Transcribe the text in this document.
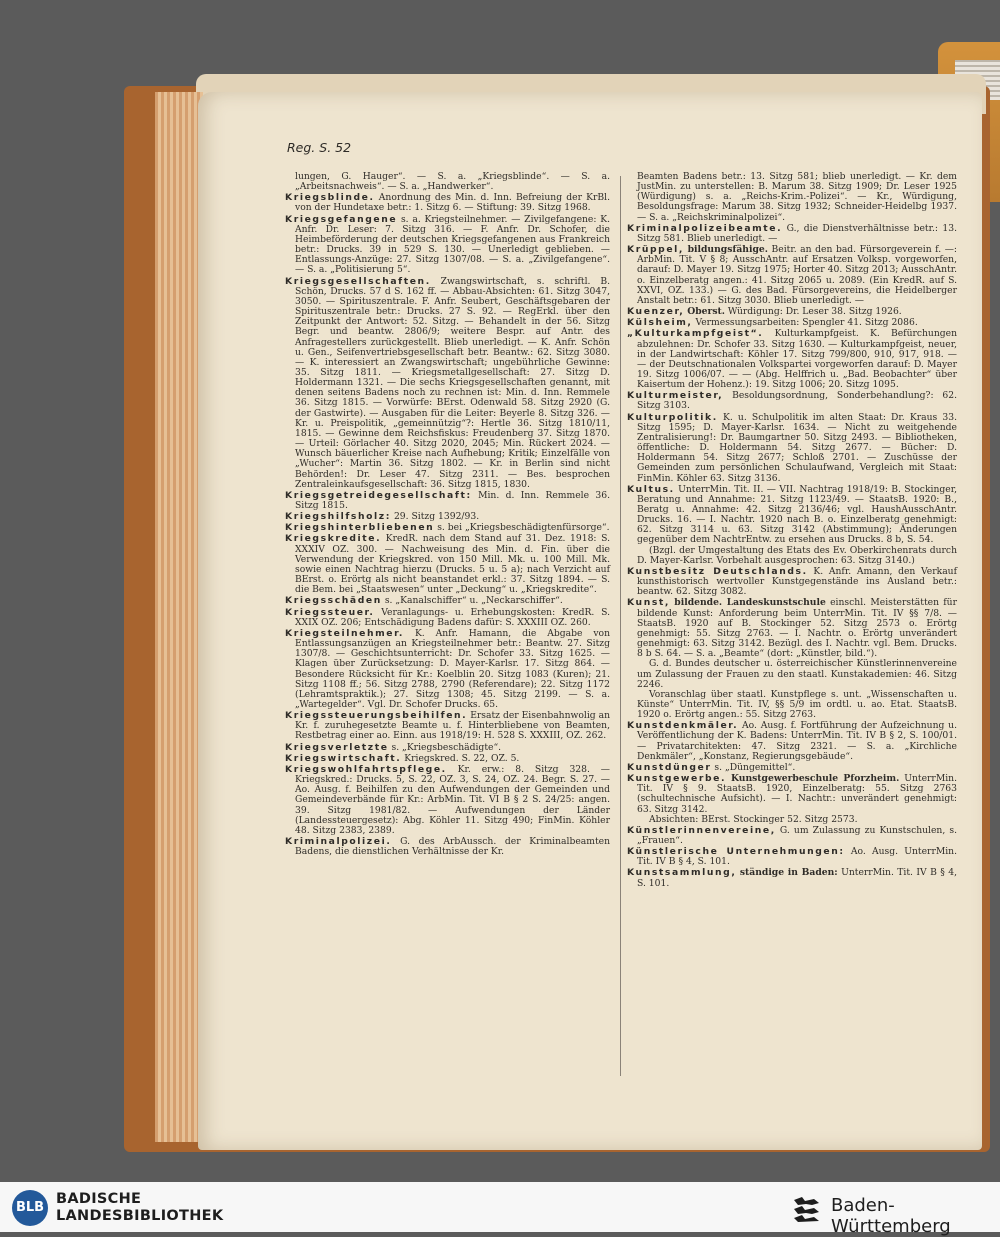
Reg. S. 52
lungen, G. Hauger“. — S. a. „Kriegsblinde“. — S. a. „Arbeitsnachweis“. — S. a. „Handwerker“.
Kriegsblinde. Anordnung des Min. d. Inn. Befreiung der KrBl. von der Hundetaxe betr.: 1. Sitzg 6. — Stiftung: 39. Sitzg 1968.
Kriegsgefangene s. a. Kriegsteilnehmer. — Zivilgefangene: K. Anfr. Dr. Leser: 7. Sitzg 316. — F. Anfr. Dr. Schofer, die Heimbeförderung der deutschen Kriegsgefangenen aus Frankreich betr.: Drucks. 39 in 529 S. 130. — Unerledigt geblieben. — Entlassungs-Anzüge: 27. Sitzg 1307/08. — S. a. „Zivilgefangene“. — S. a. „Politisierung 5“.
Kriegsgesellschaften. Zwangswirtschaft, s. schriftl. B. Schön, Drucks. 57 d S. 162 ff. — Abbau-Absichten: 61. Sitzg 3047, 3050. — Spirituszentrale. F. Anfr. Seubert, Geschäftsgebaren der Spirituszentrale betr.: Drucks. 27 S. 92. — RegErkl. über den Zeitpunkt der Antwort: 52. Sitzg. — Behandelt in der 56. Sitzg Begr. und beantw. 2806/9; weitere Bespr. auf Antr. des Anfragestellers zurückgestellt. Blieb unerledigt. — K. Anfr. Schön u. Gen., Seifenvertriebsgesellschaft betr. Beantw.: 62. Sitzg 3080. — K. interessiert an Zwangswirtschaft; ungebührliche Gewinne: 35. Sitzg 1811. — Kriegsmetallgesellschaft: 27. Sitzg D. Holdermann 1321. — Die sechs Kriegsgesellschaften genannt, mit denen seitens Badens noch zu rechnen ist: Min. d. Inn. Remmele 36. Sitzg 1815. — Vorwürfe: BErst. Odenwald 58. Sitzg 2920 (G. der Gastwirte). — Ausgaben für die Leiter: Beyerle 8. Sitzg 326. — Kr. u. Preispolitik, „gemeinnützig“?: Hertle 36. Sitzg 1810/11, 1815. — Gewinne dem Reichsfiskus: Freudenberg 37. Sitzg 1870. — Urteil: Görlacher 40. Sitzg 2020, 2045; Min. Rückert 2024. — Wunsch bäuerlicher Kreise nach Aufhebung; Kritik; Einzelfälle von „Wucher“: Martin 36. Sitzg 1802. — Kr. in Berlin sind nicht Behörden!: Dr. Leser 47. Sitzg 2311. — Bes. besprochen Zentraleinkaufsgesellschaft: 36. Sitzg 1815, 1830.
Kriegsgetreidegesellschaft: Min. d. Inn. Remmele 36. Sitzg 1815.
Kriegshilfsholz: 29. Sitzg 1392/93.
Kriegshinterbliebenen s. bei „Kriegsbeschädigtenfürsorge“.
Kriegskredite. KredR. nach dem Stand auf 31. Dez. 1918: S. XXXIV OZ. 300. — Nachweisung des Min. d. Fin. über die Verwendung der Kriegskred. von 150 Mill. Mk. u. 100 Mill. Mk. sowie einen Nachtrag hierzu (Drucks. 5 u. 5 a); nach Verzicht auf BErst. o. Erörtg als nicht beanstandet erkl.: 37. Sitzg 1894. — S. die Bem. bei „Staatswesen“ unter „Deckung“ u. „Kriegskredite“.
Kriegsschäden s. „Kanalschiffer“ u. „Neckarschiffer“.
Kriegssteuer. Veranlagungs- u. Erhebungskosten: KredR. S. XXIX OZ. 206; Entschädigung Badens dafür: S. XXXIII OZ. 260.
Kriegsteilnehmer. K. Anfr. Hamann, die Abgabe von Entlassungsanzügen an Kriegsteilnehmer betr.: Beantw. 27. Sitzg 1307/8. — Geschichtsunterricht: Dr. Schofer 33. Sitzg 1625. — Klagen über Zurücksetzung: D. Mayer-Karlsr. 17. Sitzg 864. — Besondere Rücksicht für Kr.: Koelblin 20. Sitzg 1083 (Kuren); 21. Sitzg 1108 ff.; 56. Sitzg 2788, 2790 (Referendare); 22. Sitzg 1172 (Lehramtspraktik.); 27. Sitzg 1308; 45. Sitzg 2199. — S. a. „Wartegelder“. Vgl. Dr. Schofer Drucks. 65.
Kriegssteuerungsbeihilfen. Ersatz der Eisenbahnwolig an Kr. f. zuruhegesetzte Beamte u. f. Hinterbliebene von Beamten, Restbetrag einer ao. Einn. aus 1918/19: H. 528 S. XXXIII, OZ. 262.
Kriegsverletzte s. „Kriegsbeschädigte“.
Kriegswirtschaft. Kriegskred. S. 22, OZ. 5.
Kriegswohlfahrtspflege. Kr. erw.: 8. Sitzg 328. — Kriegskred.: Drucks. 5, S. 22, OZ. 3, S. 24, OZ. 24. Begr. S. 27. — Ao. Ausg. f. Beihilfen zu den Aufwendungen der Gemeinden und Gemeindeverbände für Kr.: ArbMin. Tit. VI B § 2 S. 24/25: angen. 39. Sitzg 1981/82. — Aufwendungen der Länder (Landessteuergesetz): Abg. Köhler 11. Sitzg 490; FinMin. Köhler 48. Sitzg 2383, 2389.
Kriminalpolizei. G. des ArbAussch. der Kriminalbeamten Badens, die dienstlichen Verhältnisse der Kr.
Beamten Badens betr.: 13. Sitzg 581; blieb unerledigt. — Kr. dem JustMin. zu unterstellen: B. Marum 38. Sitzg 1909; Dr. Leser 1925 (Würdigung) s. a. „Reichs-Krim.-Polizei“. — Kr., Würdigung, Besoldungsfrage: Marum 38. Sitzg 1932; Schneider-Heidelbg 1937. — S. a. „Reichskriminalpolizei“.
Kriminalpolizeibeamte. G., die Dienstverhältnisse betr.: 13. Sitzg 581. Blieb unerledigt. —
Krüppel, bildungsfähige. Beitr. an den bad. Fürsorgeverein f. —: ArbMin. Tit. V § 8; AusschAntr. auf Ersatzen Volksp. vorgeworfen, darauf: D. Mayer 19. Sitzg 1975; Horter 40. Sitzg 2013; AusschAntr. o. Einzelberatg angen.: 41. Sitzg 2065 u. 2089. (Ein KredR. auf S. XXVI, OZ. 133.) — G. des Bad. Fürsorgevereins, die Heidelberger Anstalt betr.: 61. Sitzg 3030. Blieb unerledigt. —
Kuenzer, Oberst. Würdigung: Dr. Leser 38. Sitzg 1926.
Külsheim, Vermessungsarbeiten: Spengler 41. Sitzg 2086.
„Kulturkampfgeist“. Kulturkampfgeist. K. Befürchungen abzulehnen: Dr. Schofer 33. Sitzg 1630. — Kulturkampfgeist, neuer, in der Landwirtschaft: Köhler 17. Sitzg 799/800, 910, 917, 918. — — der Deutschnationalen Volkspartei vorgeworfen darauf: D. Mayer 19. Sitzg 1006/07. — — (Abg. Helffrich u. „Bad. Beobachter“ über Kaisertum der Hohenz.): 19. Sitzg 1006; 20. Sitzg 1095.
Kulturmeister, Besoldungsordnung, Sonderbehandlung?: 62. Sitzg 3103.
Kulturpolitik. K. u. Schulpolitik im alten Staat: Dr. Kraus 33. Sitzg 1595; D. Mayer-Karlsr. 1634. — Nicht zu weitgehende Zentralisierung!: Dr. Baumgartner 50. Sitzg 2493. — Bibliotheken, öffentliche: D. Holdermann 54. Sitzg 2677. — Bücher: D. Holdermann 54. Sitzg 2677; Schloß 2701. — Zuschüsse der Gemeinden zum persönlichen Schulaufwand, Vergleich mit Staat: FinMin. Köhler 63. Sitzg 3136.
Kultus. UnterrMin. Tit. II. — VII. Nachtrag 1918/19: B. Stockinger, Beratung und Annahme: 21. Sitzg 1123/49. — StaatsB. 1920: B., Beratg u. Annahme: 42. Sitzg 2136/46; vgl. HaushAusschAntr. Drucks. 16. — I. Nachtr. 1920 nach B. o. Einzelberatg genehmigt: 62. Sitzg 3114 u. 63. Sitzg 3142 (Abstimmung); Änderungen gegenüber dem NachtrEntw. zu ersehen aus Drucks. 8 b, S. 54.
(Bzgl. der Umgestaltung des Etats des Ev. Oberkirchenrats durch D. Mayer-Karlsr. Vorbehalt ausgesprochen: 63. Sitzg 3140.)
Kunstbesitz Deutschlands. K. Anfr. Amann, den Verkauf kunsthistorisch wertvoller Kunstgegenstände ins Ausland betr.: beantw. 62. Sitzg 3082.
Kunst, bildende. Landeskunstschule einschl. Meisterstätten für bildende Kunst: Anforderung beim UnterrMin. Tit. IV §§ 7/8. — StaatsB. 1920 auf B. Stockinger 52. Sitzg 2573 o. Erörtg genehmigt: 55. Sitzg 2763. — I. Nachtr. o. Erörtg unverändert genehmigt: 63. Sitzg 3142. Bezügl. des I. Nachtr. vgl. Bem. Drucks. 8 b S. 64. — S. a. „Beamte“ (dort: „Künstler, bild.“).
G. d. Bundes deutscher u. österreichischer Künstlerinnenvereine um Zulassung der Frauen zu den staatl. Kunstakademien: 46. Sitzg 2246.
Voranschlag über staatl. Kunstpflege s. unt. „Wissenschaften u. Künste“ UnterrMin. Tit. IV, §§ 5/9 im ordtl. u. ao. Etat. StaatsB. 1920 o. Erörtg angen.: 55. Sitzg 2763.
Kunstdenkmäler. Ao. Ausg. f. Fortführung der Aufzeichnung u. Veröffentlichung der K. Badens: UnterrMin. Tit. IV B § 2, S. 100/01. — Privatarchitekten: 47. Sitzg 2321. — S. a. „Kirchliche Denkmäler“, „Konstanz, Regierungsgebäude“.
Kunstdünger s. „Düngemittel“.
Kunstgewerbe. Kunstgewerbeschule Pforzheim. UnterrMin. Tit. IV § 9. StaatsB. 1920, Einzelberatg: 55. Sitzg 2763 (schultechnische Aufsicht). — I. Nachtr.: unverändert genehmigt: 63. Sitzg 3142.
Absichten: BErst. Stockinger 52. Sitzg 2573.
Künstlerinnenvereine, G. um Zulassung zu Kunstschulen, s. „Frauen“.
Künstlerische Unternehmungen: Ao. Ausg. UnterrMin. Tit. IV B § 4, S. 101.
Kunstsammlung, ständige in Baden: UnterrMin. Tit. IV B § 4, S. 101.
BLB
BADISCHE
LANDESBIBLIOTHEK	Baden-Württemberg
